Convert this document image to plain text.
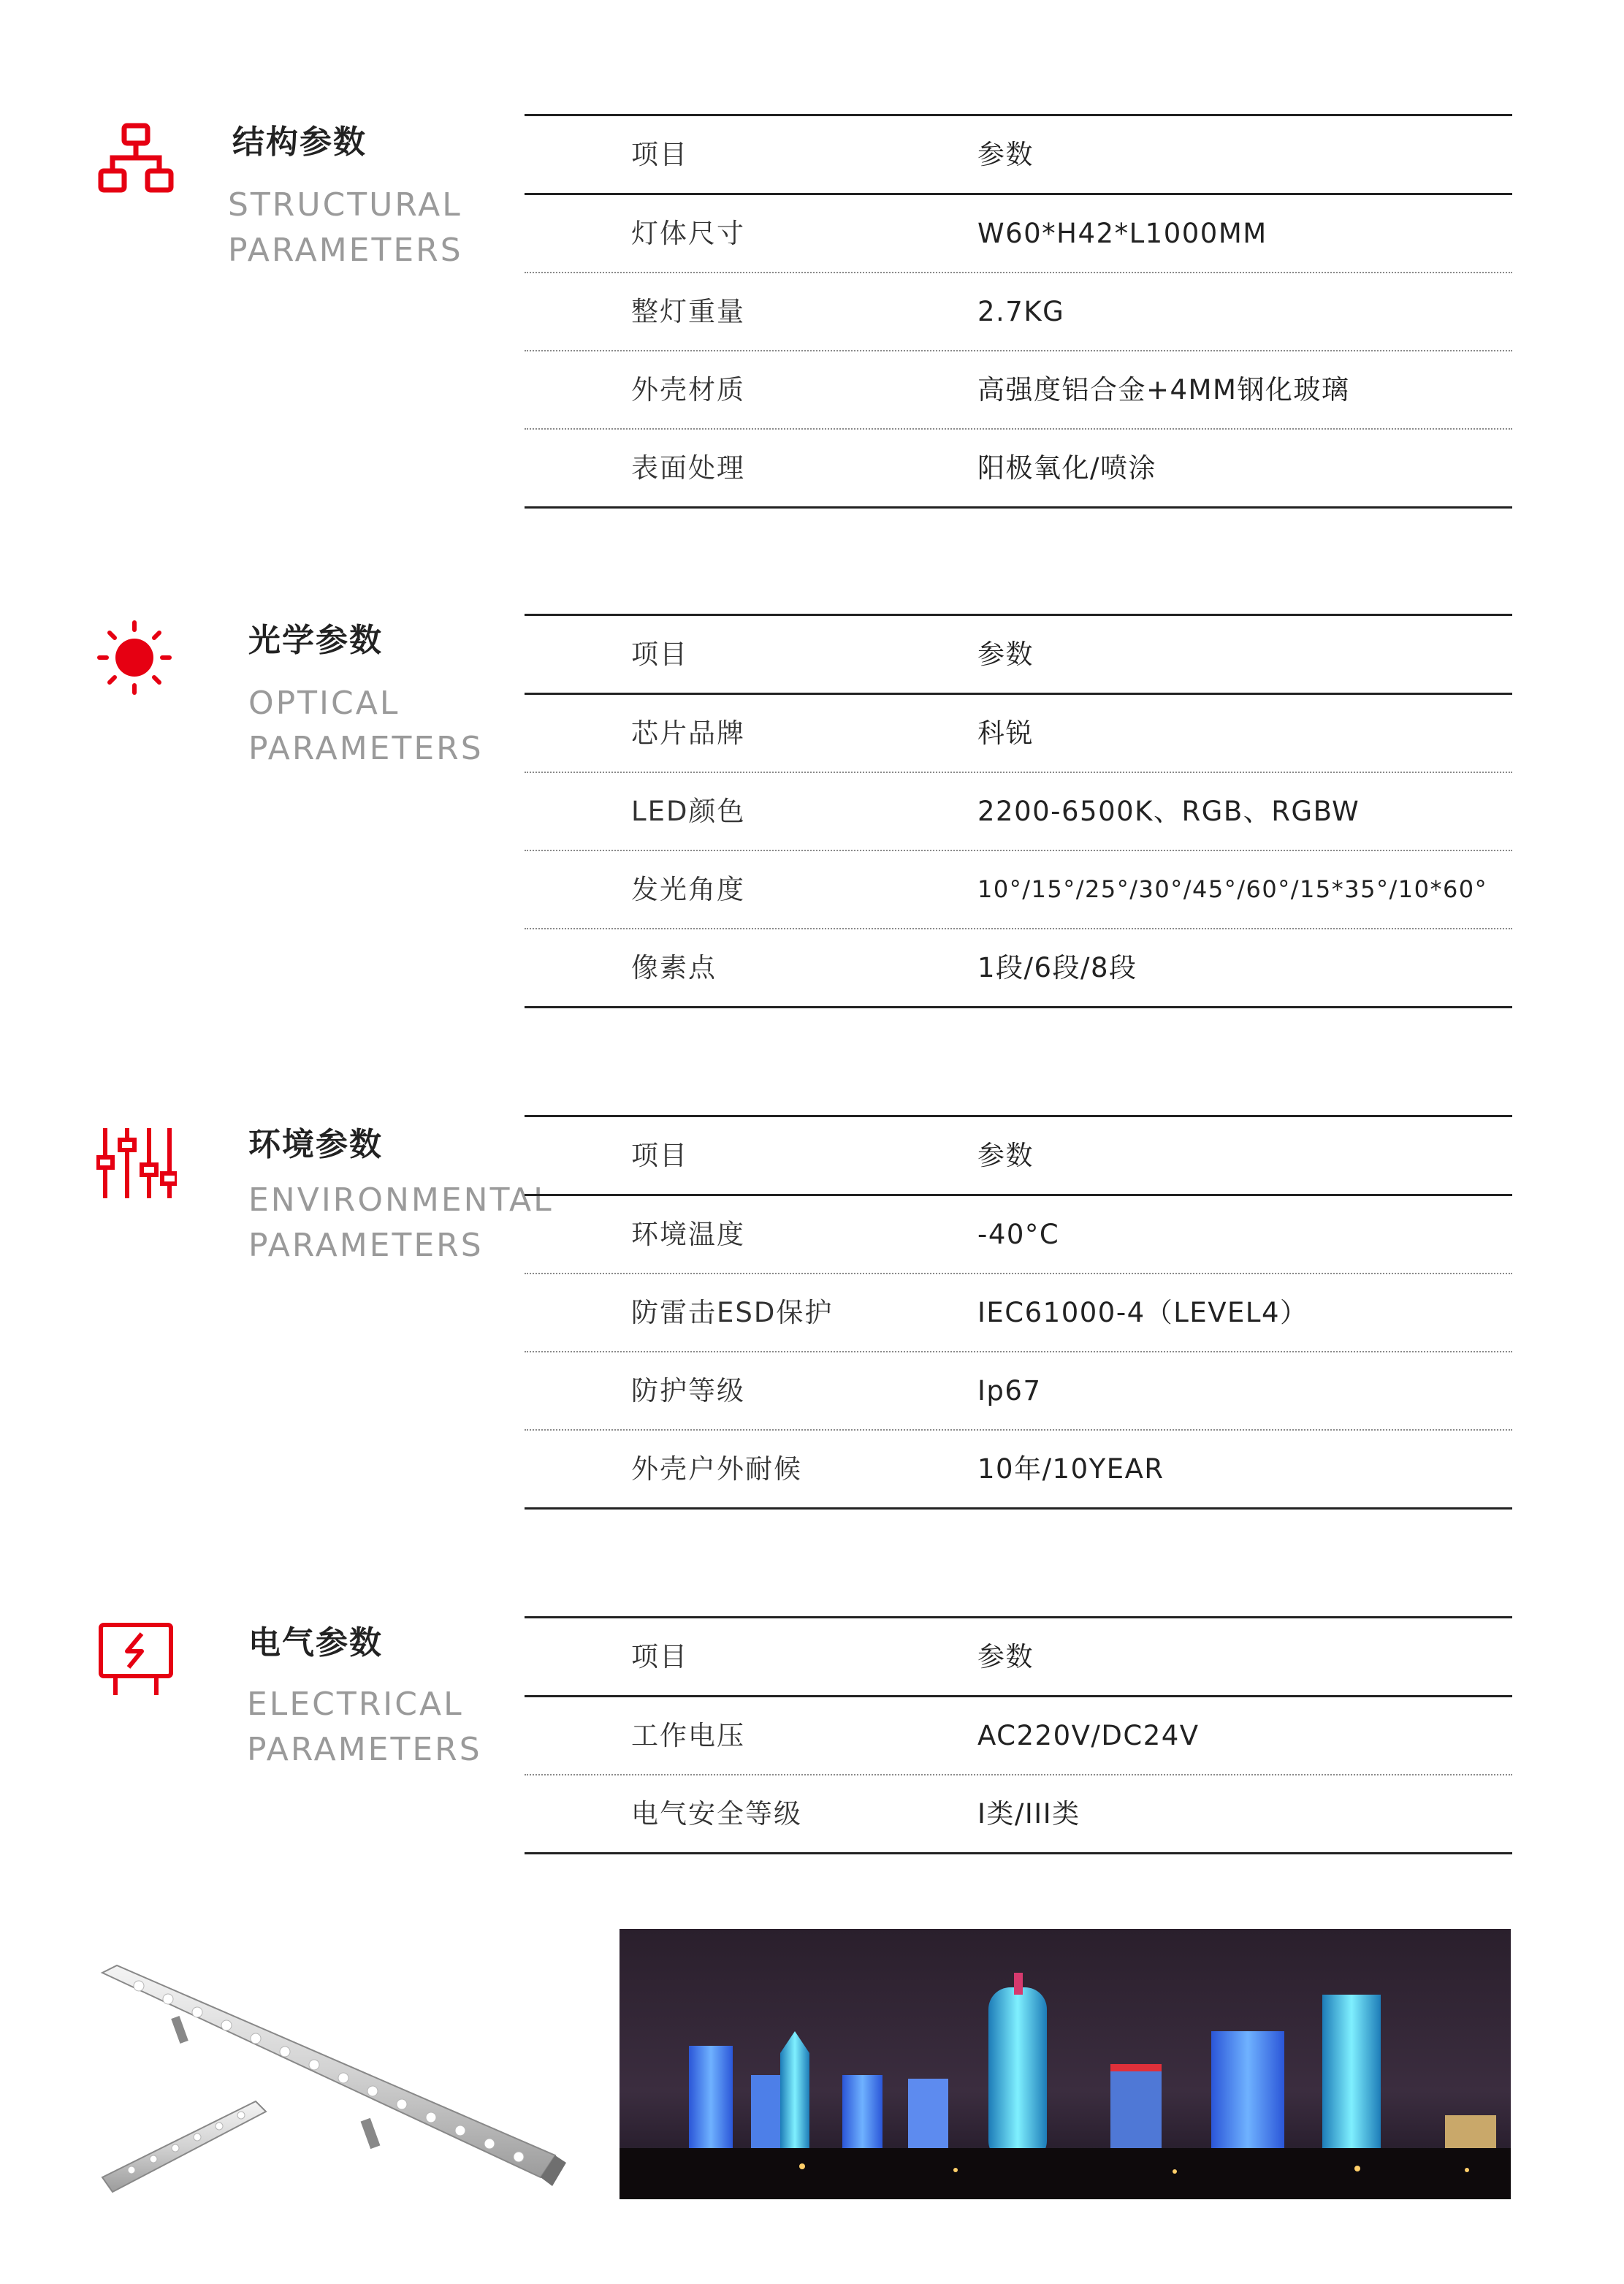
结构参数
STRUCTURAL
PARAMETERS
项目	参数
灯体尺寸	W60*H42*L1000MM
整灯重量	2.7KG
外壳材质	高强度铝合金+4MM钢化玻璃
表面处理	阳极氧化/喷涂
光学参数
OPTICAL
PARAMETERS
项目	参数
芯片品牌	科锐
LED颜色	2200-6500K、RGB、RGBW
发光角度	10°/15°/25°/30°/45°/60°/15*35°/10*60°
像素点	1段/6段/8段
环境参数
ENVIRONMENTAL
PARAMETERS
项目	参数
环境温度	-40°C
防雷击ESD保护	IEC61000-4（LEVEL4）
防护等级	Ip67
外壳户外耐候	10年/10YEAR
电气参数
ELECTRICAL
PARAMETERS
项目	参数
工作电压	AC220V/DC24V
电气安全等级	I类/III类
